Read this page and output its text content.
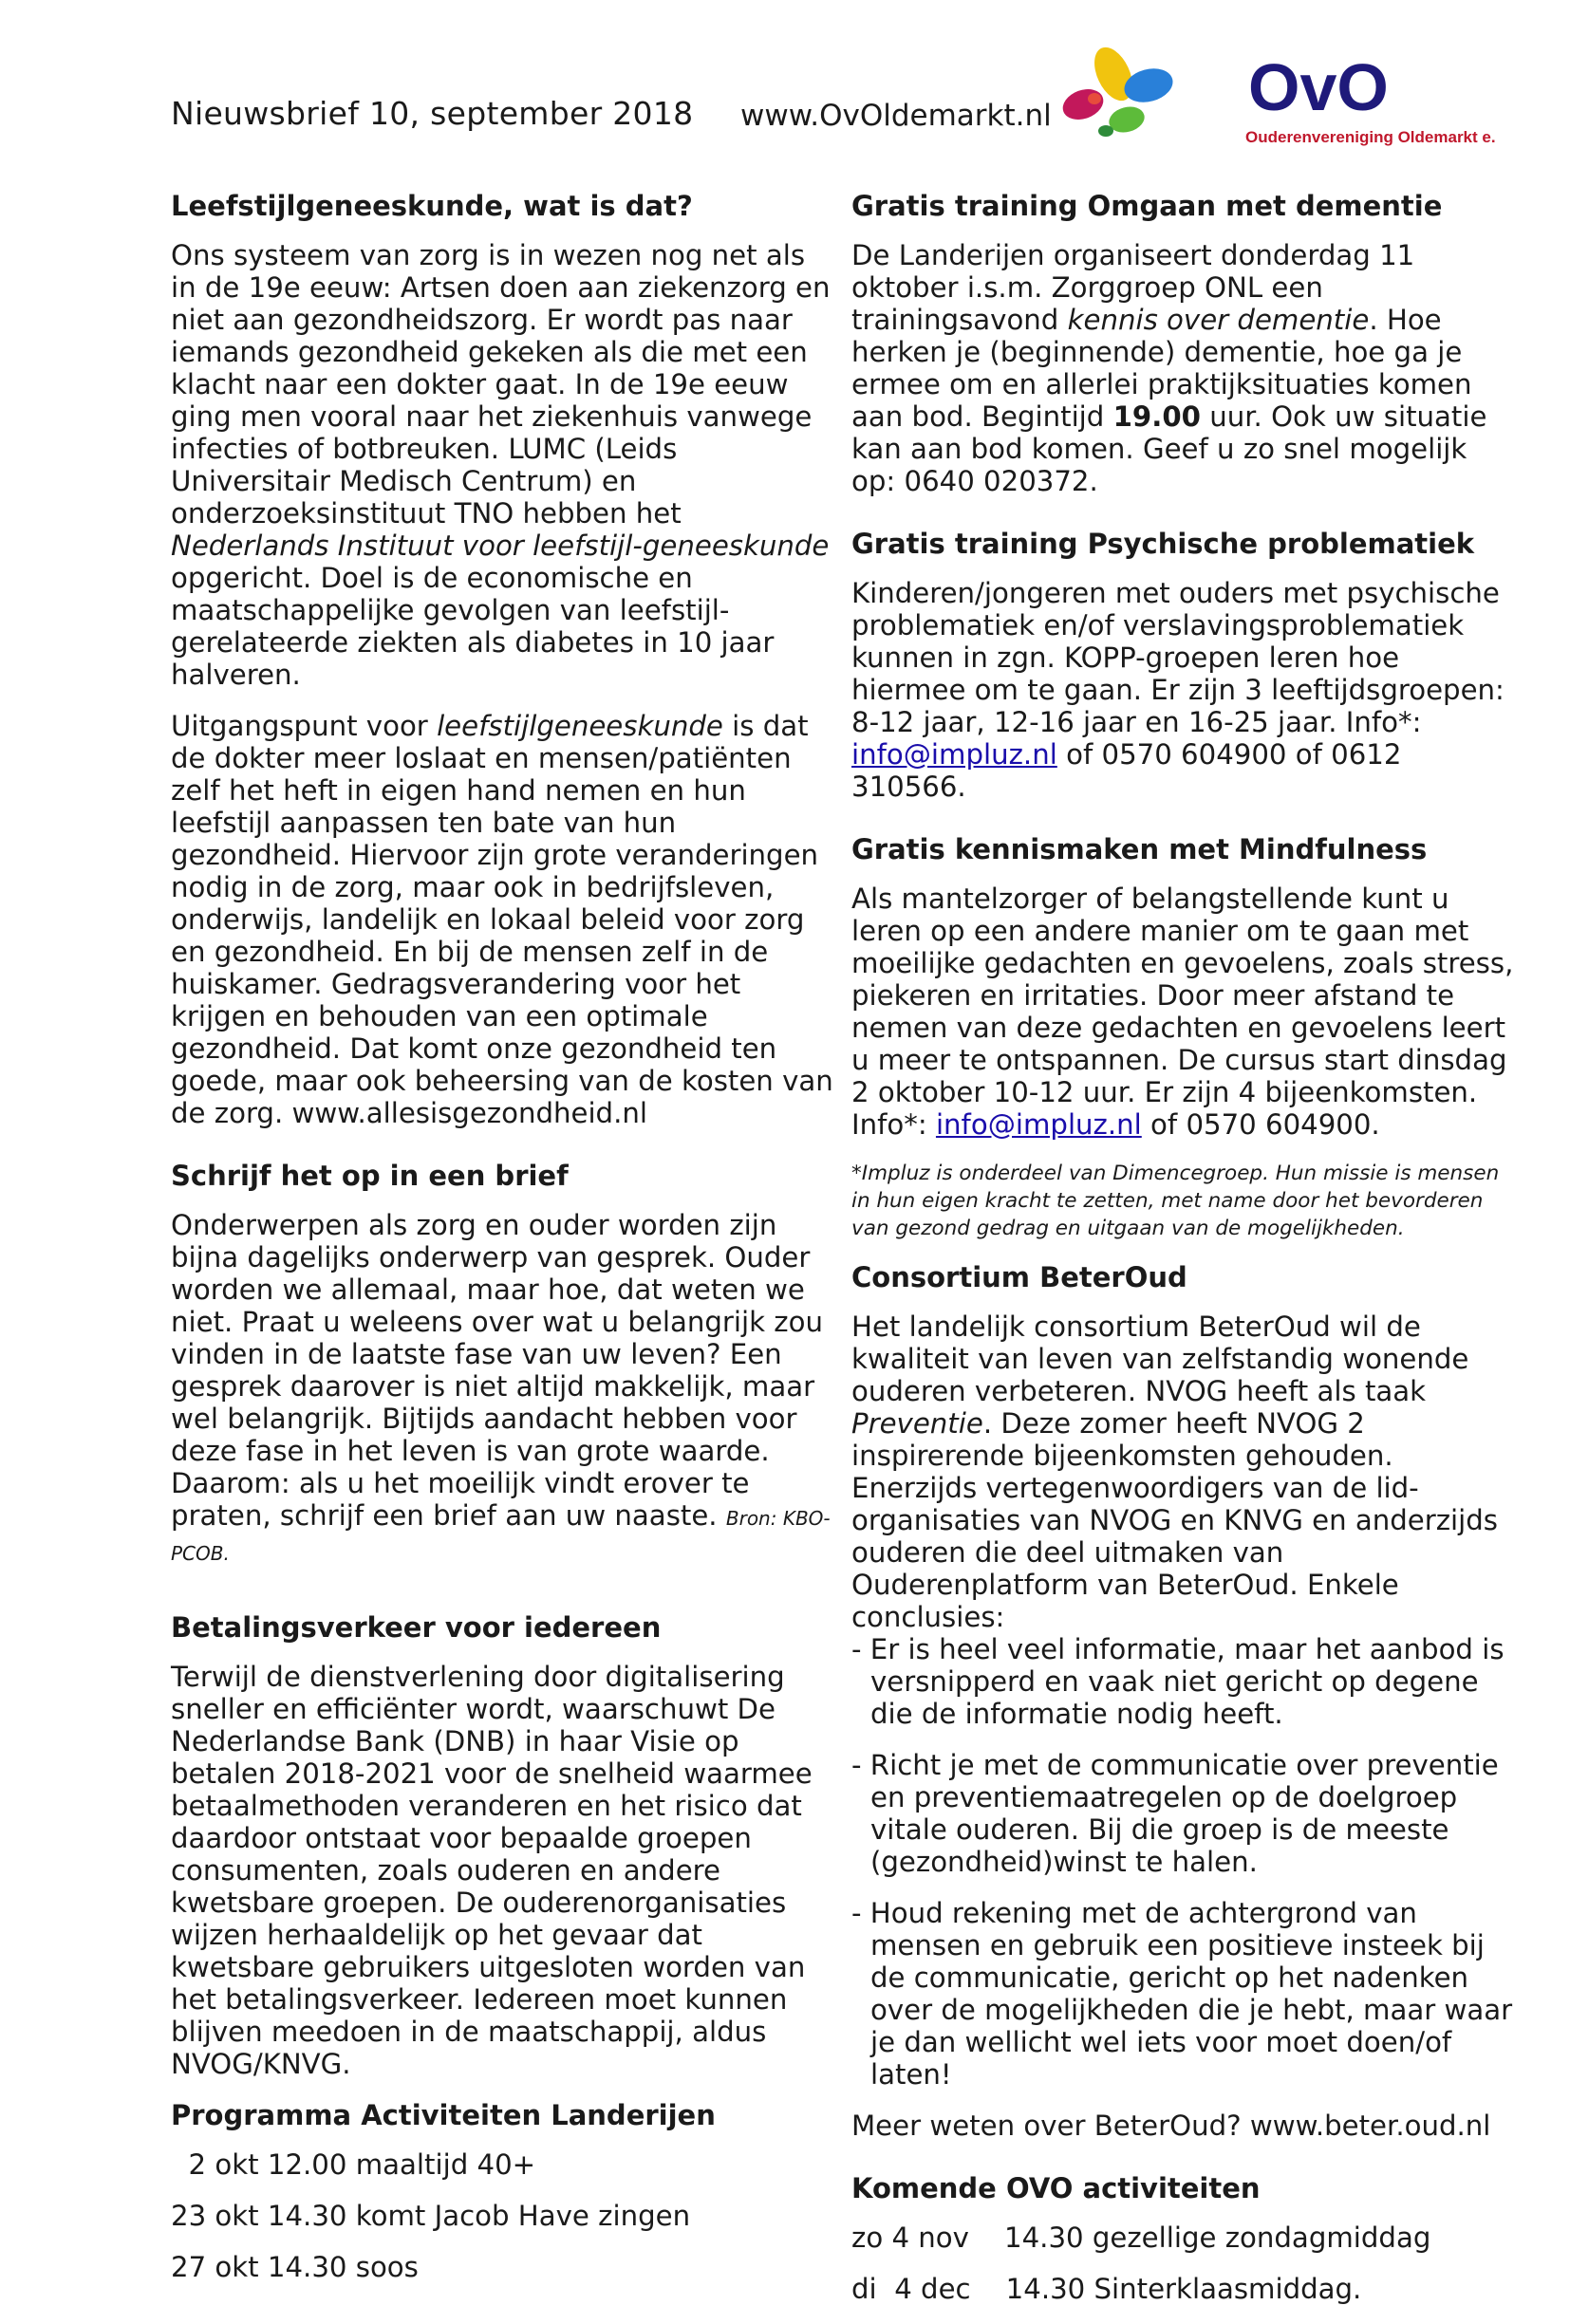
Nieuwsbrief 10, september 2018 www.OvOldemarkt.nl	OvO
Ouderenvereniging Oldemarkt e.o.
Leefstijlgeneeskunde, wat is dat?

Ons systeem van zorg is in wezen nog net als in de 19e eeuw: Artsen doen aan ziekenzorg en niet aan gezondheidszorg. Er wordt pas naar iemands gezondheid gekeken als die met een klacht naar een dokter gaat. In de 19e eeuw ging men vooral naar het ziekenhuis vanwege infecties of botbreuken. LUMC (Leids Universitair Medisch Centrum) en onderzoeksinstituut TNO hebben het Nederlands Instituut voor leefstijl-geneeskunde opgericht. Doel is de economische en maatschappelijke gevolgen van leefstijl-gerelateerde ziekten als diabetes in 10 jaar halveren.

Uitgangspunt voor leefstijlgeneeskunde is dat de dokter meer loslaat en mensen/patiënten zelf het heft in eigen hand nemen en hun leefstijl aanpassen ten bate van hun gezondheid. Hiervoor zijn grote veranderingen nodig in de zorg, maar ook in bedrijfsleven, onderwijs, landelijk en lokaal beleid voor zorg en gezondheid. En bij de mensen zelf in de huiskamer. Gedragsverandering voor het krijgen en behouden van een optimale gezondheid. Dat komt onze gezondheid ten goede, maar ook beheersing van de kosten van de zorg. www.allesisgezondheid.nl

Schrijf het op in een brief

Onderwerpen als zorg en ouder worden zijn bijna dagelijks onderwerp van gesprek. Ouder worden we allemaal, maar hoe, dat weten we niet. Praat u weleens over wat u belangrijk zou vinden in de laatste fase van uw leven? Een gesprek daarover is niet altijd makkelijk, maar wel belangrijk. Bijtijds aandacht hebben voor deze fase in het leven is van grote waarde. Daarom: als u het moeilijk vindt erover te praten, schrijf een brief aan uw naaste. Bron: KBO-PCOB.

Betalingsverkeer voor iedereen

Terwijl de dienstverlening door digitalisering sneller en efficiënter wordt, waarschuwt De Nederlandse Bank (DNB) in haar Visie op betalen 2018-2021 voor de snelheid waarmee betaalmethoden veranderen en het risico dat daardoor ontstaat voor bepaalde groepen consumenten, zoals ouderen en andere kwetsbare groepen. De ouderenorganisaties wijzen herhaaldelijk op het gevaar dat kwetsbare gebruikers uitgesloten worden van het betalingsverkeer. Iedereen moet kunnen blijven meedoen in de maatschappij, aldus NVOG/KNVG.

Programma Activiteiten Landerijen

2 okt 12.00 maaltijd 40+

23 okt 14.30 komt Jacob Have zingen

27 okt 14.30 soos

Gratis training Omgaan met dementie

De Landerijen organiseert donderdag 11 oktober i.s.m. Zorggroep ONL een trainingsavond kennis over dementie. Hoe herken je (beginnende) dementie, hoe ga je ermee om en allerlei praktijksituaties komen aan bod. Begintijd 19.00 uur. Ook uw situatie kan aan bod komen. Geef u zo snel mogelijk op: 0640 020372.

Gratis training Psychische problematiek

Kinderen/jongeren met ouders met psychische problematiek en/of verslavingsproblematiek kunnen in zgn. KOPP-groepen leren hoe hiermee om te gaan. Er zijn 3 leeftijdsgroepen: 8-12 jaar, 12-16 jaar en 16-25 jaar. Info*: info@impluz.nl of 0570 604900 of 0612 310566.

Gratis kennismaken met Mindfulness

Als mantelzorger of belangstellende kunt u leren op een andere manier om te gaan met moeilijke gedachten en gevoelens, zoals stress, piekeren en irritaties. Door meer afstand te nemen van deze gedachten en gevoelens leert u meer te ontspannen. De cursus start dinsdag 2 oktober 10-12 uur. Er zijn 4 bijeenkomsten. Info*: info@impluz.nl of 0570 604900.

*Impluz is onderdeel van Dimencegroep. Hun missie is mensen in hun eigen kracht te zetten, met name door het bevorderen van gezond gedrag en uitgaan van de mogelijkheden.

Consortium BeterOud

Het landelijk consortium BeterOud wil de kwaliteit van leven van zelfstandig wonende ouderen verbeteren. NVOG heeft als taak Preventie. Deze zomer heeft NVOG 2 inspirerende bijeenkomsten gehouden. Enerzijds vertegenwoordigers van de lid-organisaties van NVOG en KNVG en anderzijds ouderen die deel uitmaken van Ouderenplatform van BeterOud. Enkele conclusies:

- Er is heel veel informatie, maar het aanbod is versnipperd en vaak niet gericht op degene die de informatie nodig heeft.

- Richt je met de communicatie over preventie en preventiemaatregelen op de doelgroep vitale ouderen. Bij die groep is de meeste (gezondheid)winst te halen.

- Houd rekening met de achtergrond van mensen en gebruik een positieve insteek bij de communicatie, gericht op het nadenken over de mogelijkheden die je hebt, maar waar je dan wellicht wel iets voor moet doen/of laten!

Meer weten over BeterOud? www.beter.oud.nl

Komende OVO activiteiten

zo 4 nov    14.30 gezellige zondagmiddag

di  4 dec    14.30 Sinterklaasmiddag.
